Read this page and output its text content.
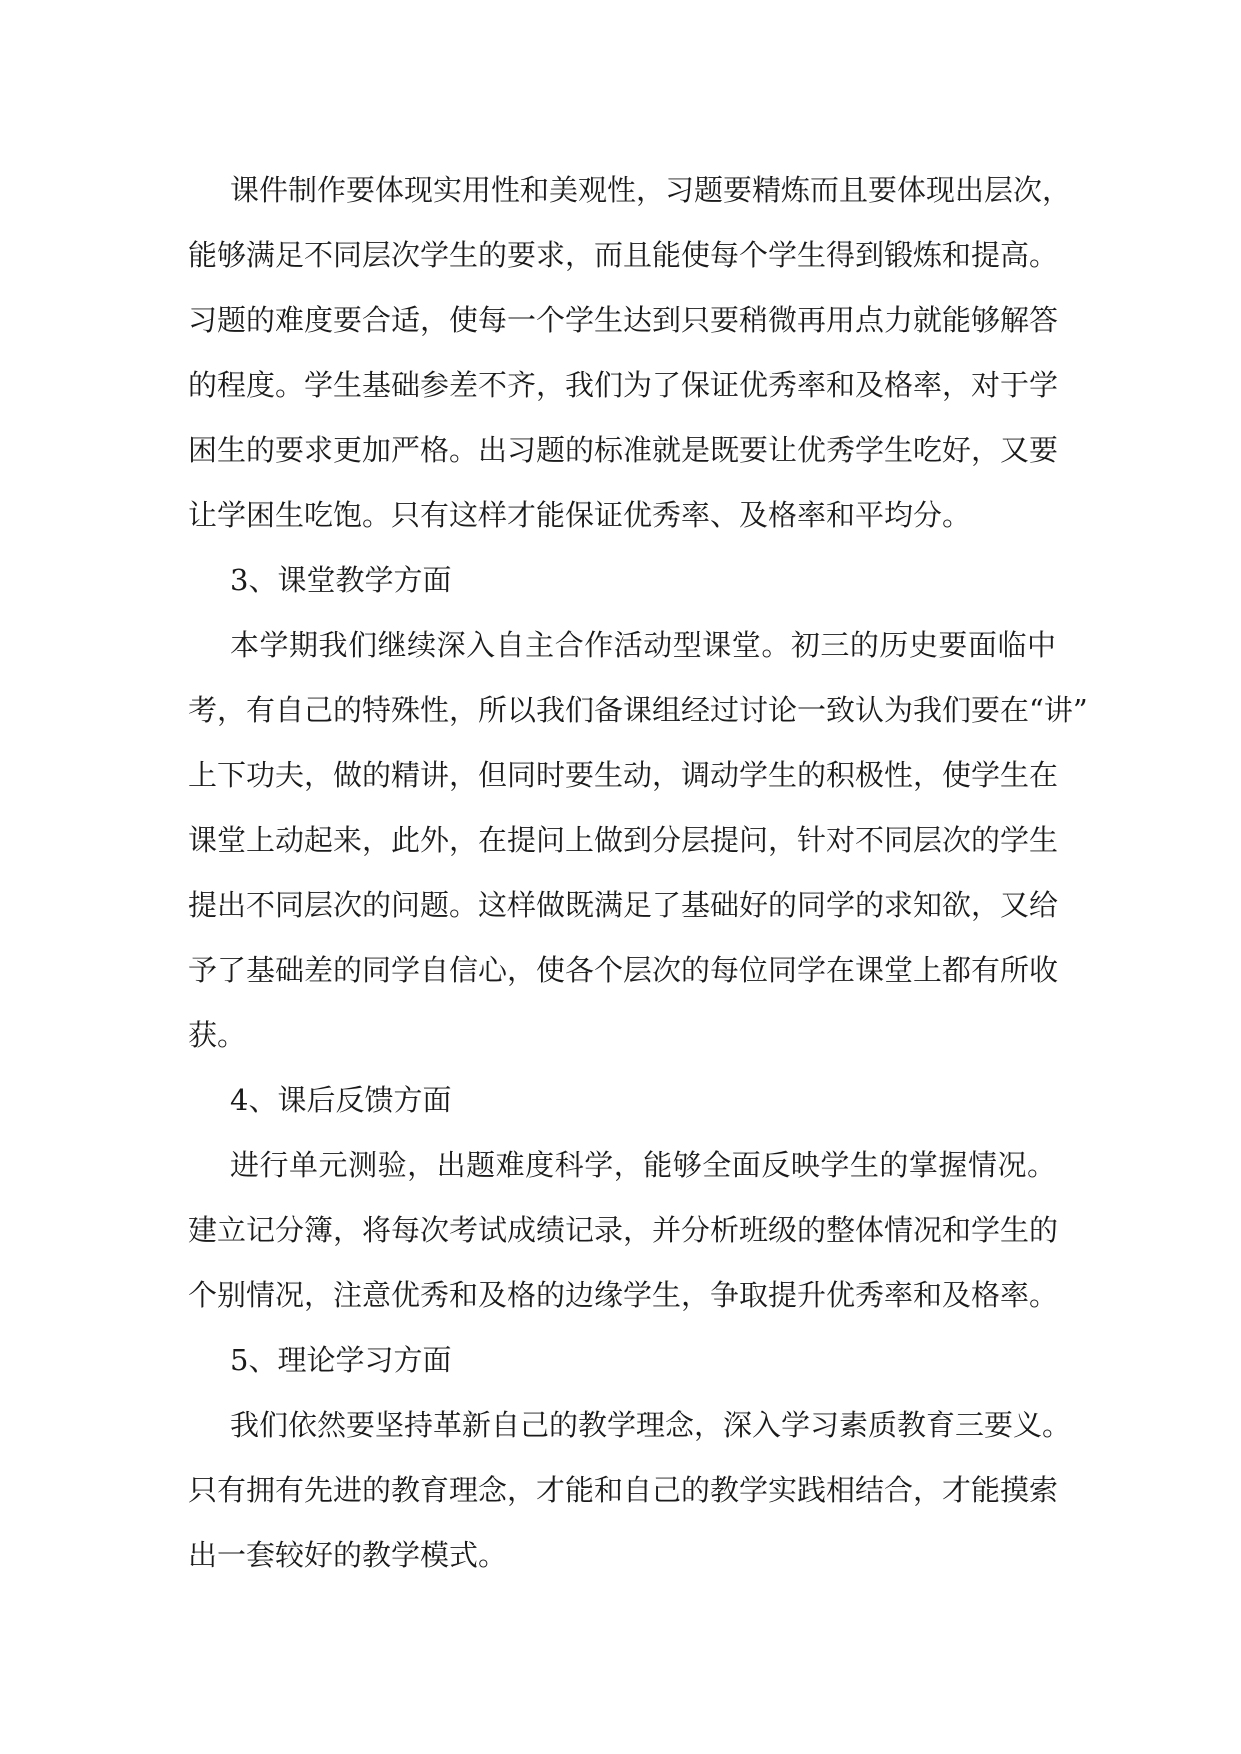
课件制作要体现实用性和美观性，习题要精炼而且要体现出层次，
能够满足不同层次学生的要求，而且能使每个学生得到锻炼和提高。
习题的难度要合适，使每一个学生达到只要稍微再用点力就能够解答
的程度。学生基础参差不齐，我们为了保证优秀率和及格率，对于学
困生的要求更加严格。出习题的标准就是既要让优秀学生吃好，又要
让学困生吃饱。只有这样才能保证优秀率、及格率和平均分。
3、课堂教学方面
本学期我们继续深入自主合作活动型课堂。初三的历史要面临中
考，有自己的特殊性，所以我们备课组经过讨论一致认为我们要在“讲”
上下功夫，做的精讲，但同时要生动，调动学生的积极性，使学生在
课堂上动起来，此外，在提问上做到分层提问，针对不同层次的学生
提出不同层次的问题。这样做既满足了基础好的同学的求知欲，又给
予了基础差的同学自信心，使各个层次的每位同学在课堂上都有所收
获。
4、课后反馈方面
进行单元测验，出题难度科学，能够全面反映学生的掌握情况。
建立记分簿，将每次考试成绩记录，并分析班级的整体情况和学生的
个别情况，注意优秀和及格的边缘学生，争取提升优秀率和及格率。
5、理论学习方面
我们依然要坚持革新自己的教学理念，深入学习素质教育三要义。
只有拥有先进的教育理念，才能和自己的教学实践相结合，才能摸索
出一套较好的教学模式。
